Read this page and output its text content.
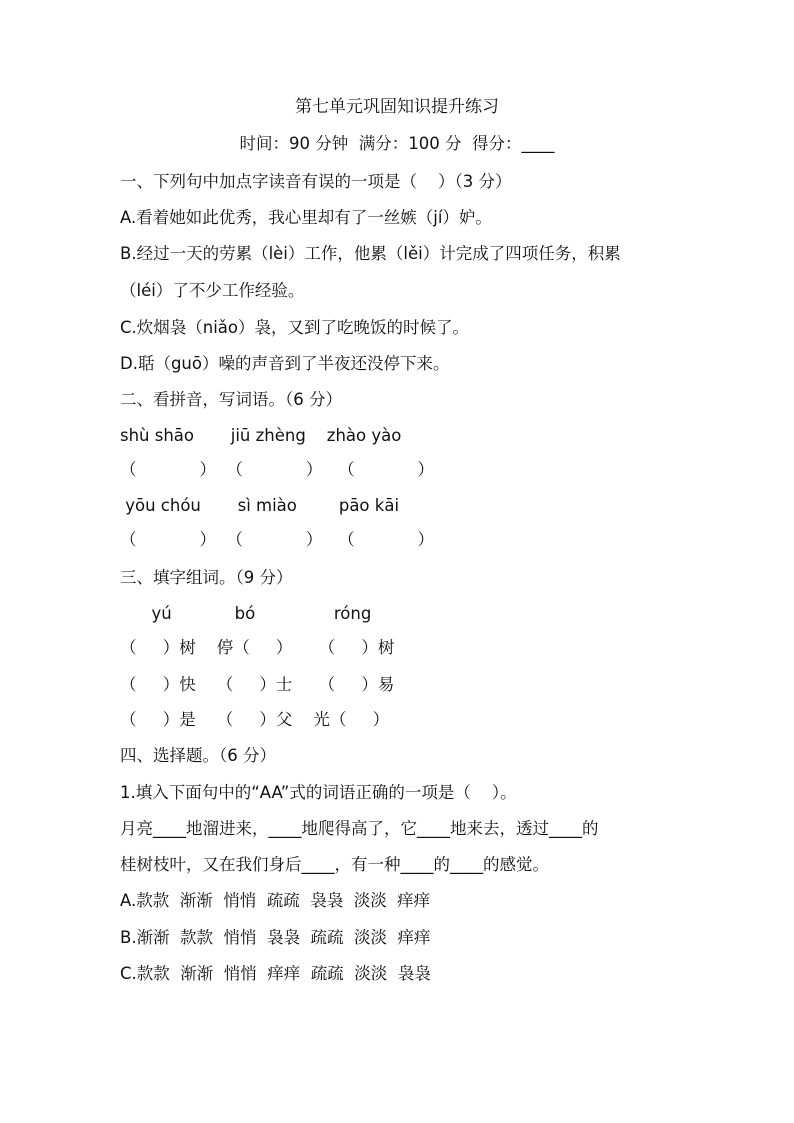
第七单元巩固知识提升练习
时间：90 分钟  满分：100 分  得分：____
一、下列句中加点字读音有误的一项是（    ）（3 分）
A.看着她如此优秀，我心里却有了一丝嫉（jí）妒。
B.经过一天的劳累（lèi）工作，他累（lěi）计完成了四项任务，积累
（léi）了不少工作经验。
C.炊烟袅（niǎo）袅，又到了吃晚饭的时候了。
D.聒（guō）噪的声音到了半夜还没停下来。
二、看拼音，写词语。（6 分）
shù shāo       jiū zhèng    zhào yào
（            ）  （            ）   （            ）
yōu chóu       sì miào        pāo kāi
（            ）  （            ）   （            ）
三、填字组词。（9 分）
yú            bó               róng
（     ）树    停（     ）     （     ）树
（     ）快    （     ）士     （     ）易
（     ）是    （     ）父    光（     ）
四、选择题。（6 分）
1.填入下面句中的“AA”式的词语正确的一项是（    ）。
月亮____地溜进来，____地爬得高了，它____地来去，透过____的
桂树枝叶，又在我们身后____，有一种____的____的感觉。
A.款款  渐渐  悄悄  疏疏  袅袅  淡淡  痒痒
B.渐渐  款款  悄悄  袅袅  疏疏  淡淡  痒痒
C.款款  渐渐  悄悄  痒痒  疏疏  淡淡  袅袅
